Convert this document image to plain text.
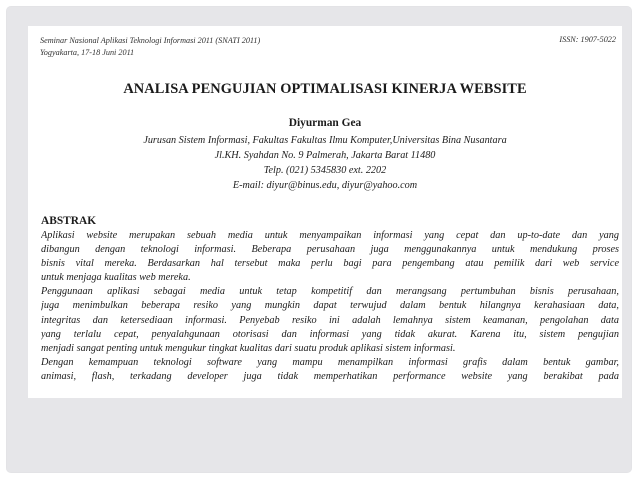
Seminar Nasional Aplikasi Teknologi Informasi 2011 (SNATI 2011)
Yogyakarta, 17-18 Juni 2011
ISSN: 1907-5022
ANALISA PENGUJIAN OPTIMALISASI KINERJA WEBSITE
Diyurman Gea
Jurusan Sistem Informasi, Fakultas Fakultas Ilmu Komputer,Universitas Bina Nusantara
Jl.KH. Syahdan No. 9 Palmerah, Jakarta Barat 11480
Telp. (021) 5345830 ext. 2202
E-mail: diyur@binus.edu, diyur@yahoo.com
ABSTRAK
Aplikasi website merupakan sebuah media untuk menyampaikan informasi yang cepat dan up-to-date dan yang
dibangun dengan teknologi informasi. Beberapa perusahaan juga menggunakannya untuk mendukung proses
bisnis vital mereka. Berdasarkan hal tersebut maka perlu bagi para pengembang atau pemilik dari web service
untuk menjaga kualitas web mereka.
Penggunaan aplikasi sebagai media untuk tetap kompetitif dan merangsang pertumbuhan bisnis perusahaan,
juga menimbulkan beberapa resiko yang mungkin dapat terwujud dalam bentuk hilangnya kerahasiaan data,
integritas dan ketersediaan informasi. Penyebab resiko ini adalah lemahnya sistem keamanan, pengolahan data
yang terlalu cepat, penyalahgunaan otorisasi dan informasi yang tidak akurat. Karena itu, sistem pengujian
menjadi sangat penting untuk mengukur tingkat kualitas dari suatu produk aplikasi sistem informasi.
Dengan kemampuan teknologi software yang mampu menampilkan informasi grafis dalam bentuk gambar,
animasi, flash, terkadang developer juga tidak memperhatikan performance website yang berakibat pada
